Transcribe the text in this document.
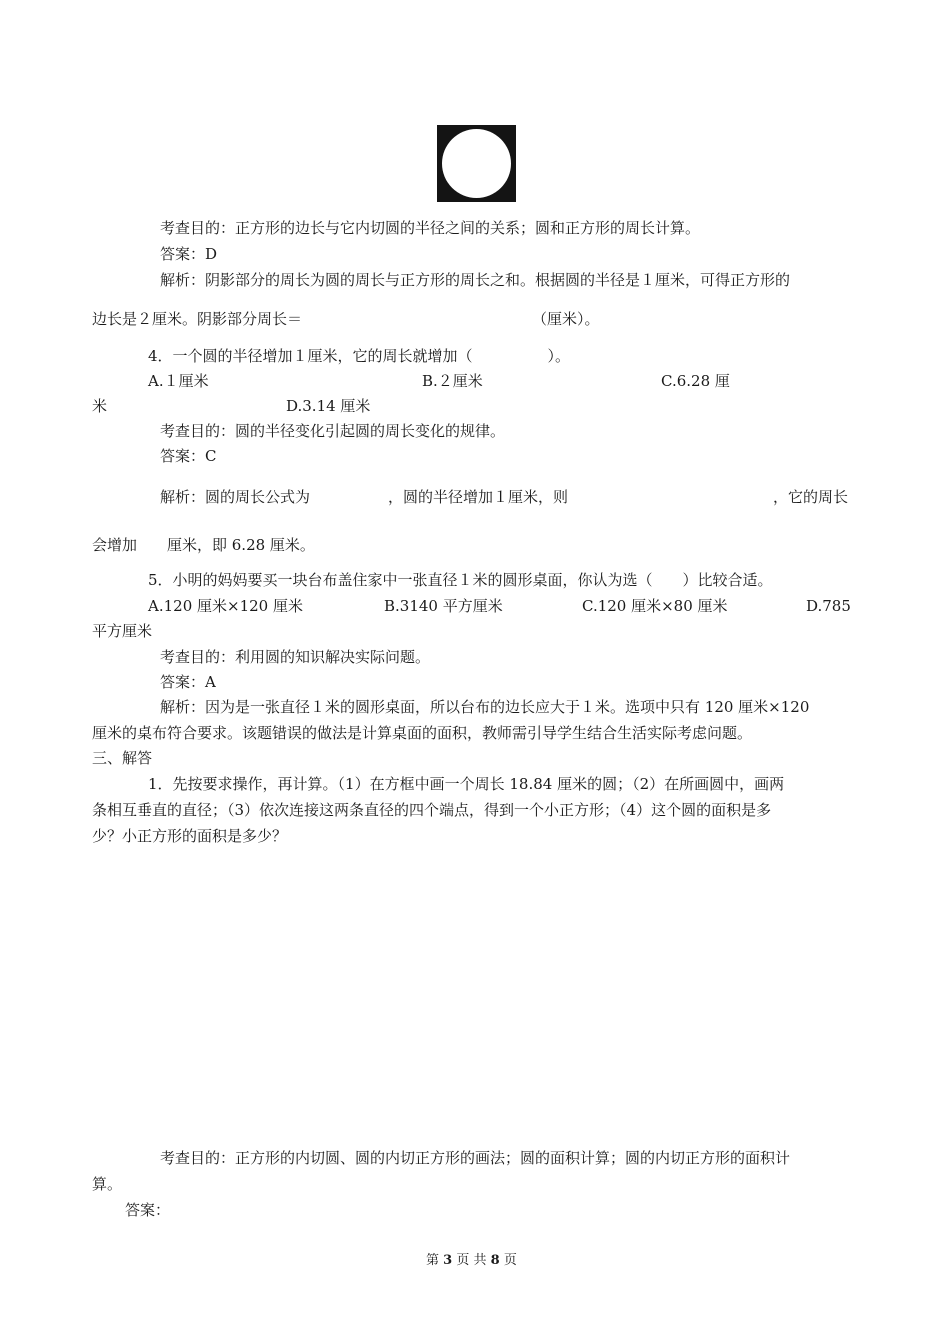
考查目的：正方形的边长与它内切圆的半径之间的关系；圆和正方形的周长计算。
答案：D
解析：阴影部分的周长为圆的周长与正方形的周长之和。根据圆的半径是１厘米，可得正方形的
边长是２厘米。阴影部分周长＝	（厘米）。
4．一个圆的半径增加１厘米，它的周长就增加（　　　　　）。
A.１厘米	B.２厘米	C.6.28 厘
米	D.3.14 厘米
考查目的：圆的半径变化引起圆的周长变化的规律。
答案：C
解析：圆的周长公式为	，圆的半径增加１厘米，则	，它的周长
会增加 厘米，即 6.28 厘米。
5．小明的妈妈要买一块台布盖住家中一张直径１米的圆形桌面，你认为选（　　）比较合适。
A.120 厘米×120 厘米	B.3140 平方厘米	C.120 厘米×80 厘米	D.785
平方厘米
考查目的：利用圆的知识解决实际问题。
答案：A
解析：因为是一张直径１米的圆形桌面，所以台布的边长应大于１米。选项中只有 120 厘米×120
厘米的桌布符合要求。该题错误的做法是计算桌面的面积，教师需引导学生结合生活实际考虑问题。
三、解答
1．先按要求操作，再计算。（1）在方框中画一个周长 18.84 厘米的圆；（2）在所画圆中，画两
条相互垂直的直径；（3）依次连接这两条直径的四个端点，得到一个小正方形；（4）这个圆的面积是多
少？小正方形的面积是多少？
考查目的：正方形的内切圆、圆的内切正方形的画法；圆的面积计算；圆的内切正方形的面积计
算。
答案：
第 3 页 共 8 页
